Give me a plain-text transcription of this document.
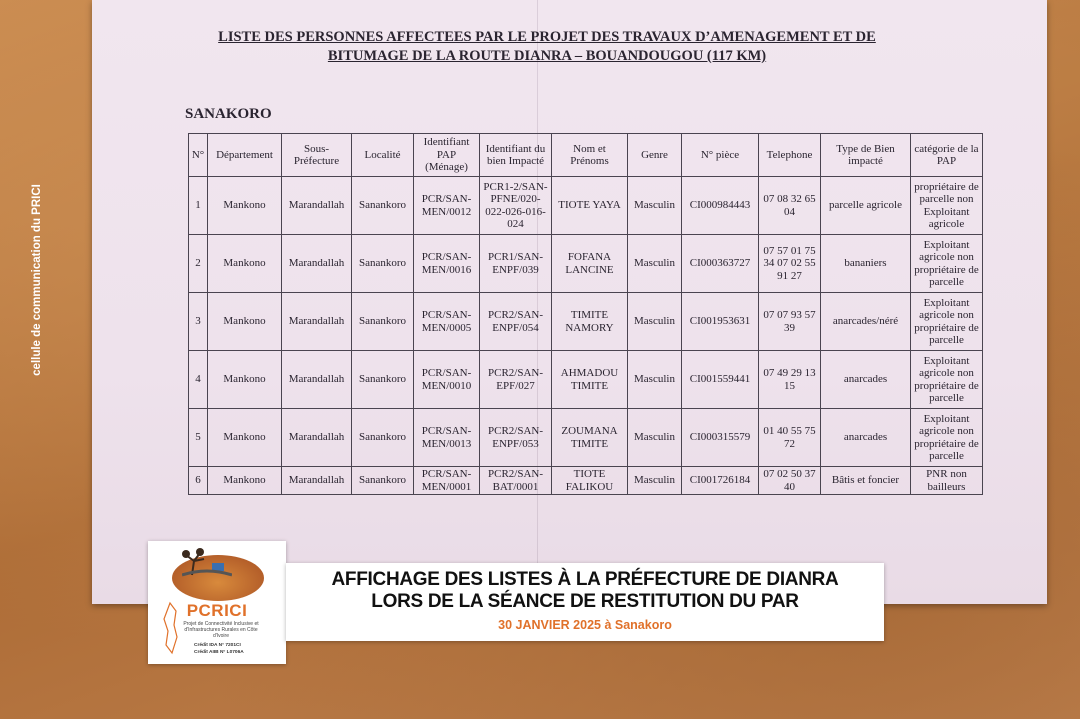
cellule de communication du PRICI
LISTE DES PERSONNES AFFECTEES PAR LE PROJET DES TRAVAUX D’AMENAGEMENT ET DE
BITUMAGE DE LA ROUTE DIANRA – BOUANDOUGOU (117 KM)
SANAKORO
N°	Département	Sous-Préfecture	Localité	Identifiant PAP (Ménage)	Identifiant du bien Impacté	Nom et Prénoms	Genre	N° pièce	Telephone	Type de Bien impacté	catégorie de la PAP
1	Mankono	Marandallah	Sanankoro	PCR/SAN-MEN/0012	PCR1-2/SAN-PFNE/020-022-026-016-024	TIOTE YAYA	Masculin	CI000984443	07 08 32 65 04	parcelle agricole	propriétaire de parcelle non Exploitant agricole
2	Mankono	Marandallah	Sanankoro	PCR/SAN-MEN/0016	PCR1/SAN-ENPF/039	FOFANA LANCINE	Masculin	CI000363727	07 57 01 75 34 07 02 55 91 27	bananiers	Exploitant agricole non propriétaire de parcelle
3	Mankono	Marandallah	Sanankoro	PCR/SAN-MEN/0005	PCR2/SAN-ENPF/054	TIMITE NAMORY	Masculin	CI001953631	07 07 93 57 39	anarcades/néré	Exploitant agricole non propriétaire de parcelle
4	Mankono	Marandallah	Sanankoro	PCR/SAN-MEN/0010	PCR2/SAN-EPF/027	AHMADOU TIMITE	Masculin	CI001559441	07 49 29 13 15	anarcades	Exploitant agricole non propriétaire de parcelle
5	Mankono	Marandallah	Sanankoro	PCR/SAN-MEN/0013	PCR2/SAN-ENPF/053	ZOUMANA TIMITE	Masculin	CI000315579	01 40 55 75 72	anarcades	Exploitant agricole non propriétaire de parcelle
6	Mankono	Marandallah	Sanankoro	PCR/SAN-MEN/0001	PCR2/SAN-BAT/0001	TIOTE FALIKOU	Masculin	CI001726184	07 02 50 37 40	Bâtis et foncier	PNR non bailleurs
PCRICI
Projet de Connectivité Inclusive et d'Infrastructures Rurales en Côte d'Ivoire
Crédit IDA N° 7201CI
Crédit AIIB N° L0706A
AFFICHAGE DES LISTES À LA PRÉFECTURE DE DIANRA
LORS DE LA SÉANCE DE RESTITUTION DU PAR
30 JANVIER 2025 à Sanakoro
